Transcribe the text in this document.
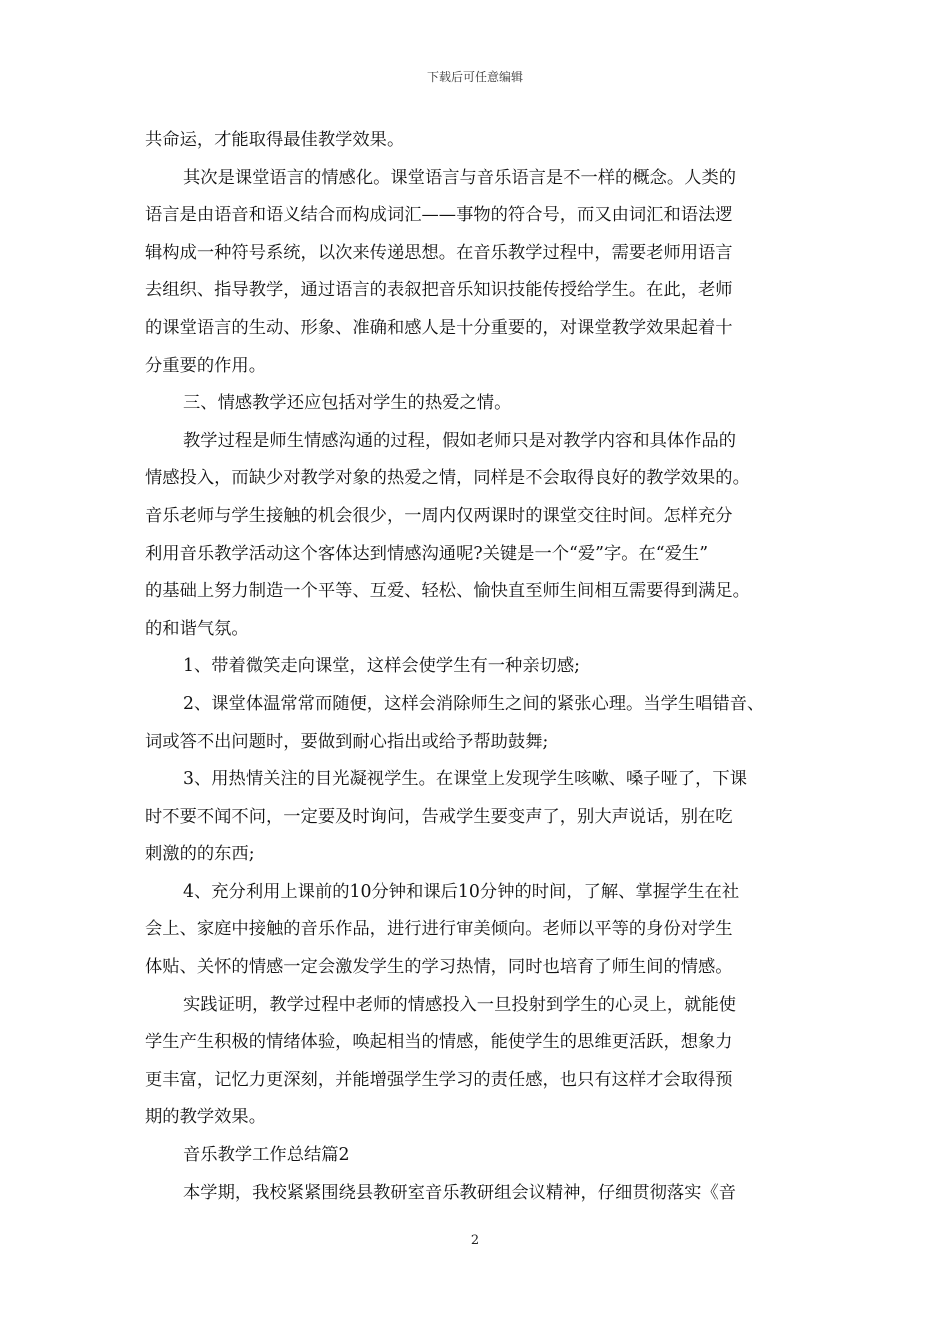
下载后可任意编辑
共命运，才能取得最佳教学效果。
其次是课堂语言的情感化。课堂语言与音乐语言是不一样的概念。人类的
语言是由语音和语义结合而构成词汇——事物的符合号，而又由词汇和语法逻
辑构成一种符号系统，以次来传递思想。在音乐教学过程中，需要老师用语言
去组织、指导教学，通过语言的表叙把音乐知识技能传授给学生。在此，老师
的课堂语言的生动、形象、准确和感人是十分重要的，对课堂教学效果起着十
分重要的作用。
三、情感教学还应包括对学生的热爱之情。
教学过程是师生情感沟通的过程，假如老师只是对教学内容和具体作品的
情感投入，而缺少对教学对象的热爱之情，同样是不会取得良好的教学效果的。
音乐老师与学生接触的机会很少，一周内仅两课时的课堂交往时间。怎样充分
利用音乐教学活动这个客体达到情感沟通呢?关键是一个“爱”字。在“爱生”
的基础上努力制造一个平等、互爱、轻松、愉快直至师生间相互需要得到满足。
的和谐气氛。
1、带着微笑走向课堂，这样会使学生有一种亲切感;
2、课堂体温常常而随便，这样会消除师生之间的紧张心理。当学生唱错音、
词或答不出问题时，要做到耐心指出或给予帮助鼓舞;
3、用热情关注的目光凝视学生。在课堂上发现学生咳嗽、嗓子哑了，下课
时不要不闻不问，一定要及时询问，告戒学生要变声了，别大声说话，别在吃
刺激的的东西;
4、充分利用上课前的10分钟和课后10分钟的时间，了解、掌握学生在社
会上、家庭中接触的音乐作品，进行进行审美倾向。老师以平等的身份对学生
体贴、关怀的情感一定会激发学生的学习热情，同时也培育了师生间的情感。
实践证明，教学过程中老师的情感投入一旦投射到学生的心灵上，就能使
学生产生积极的情绪体验，唤起相当的情感，能使学生的思维更活跃，想象力
更丰富，记忆力更深刻，并能增强学生学习的责任感，也只有这样才会取得预
期的教学效果。
音乐教学工作总结篇2
本学期，我校紧紧围绕县教研室音乐教研组会议精神，仔细贯彻落实《音
2
